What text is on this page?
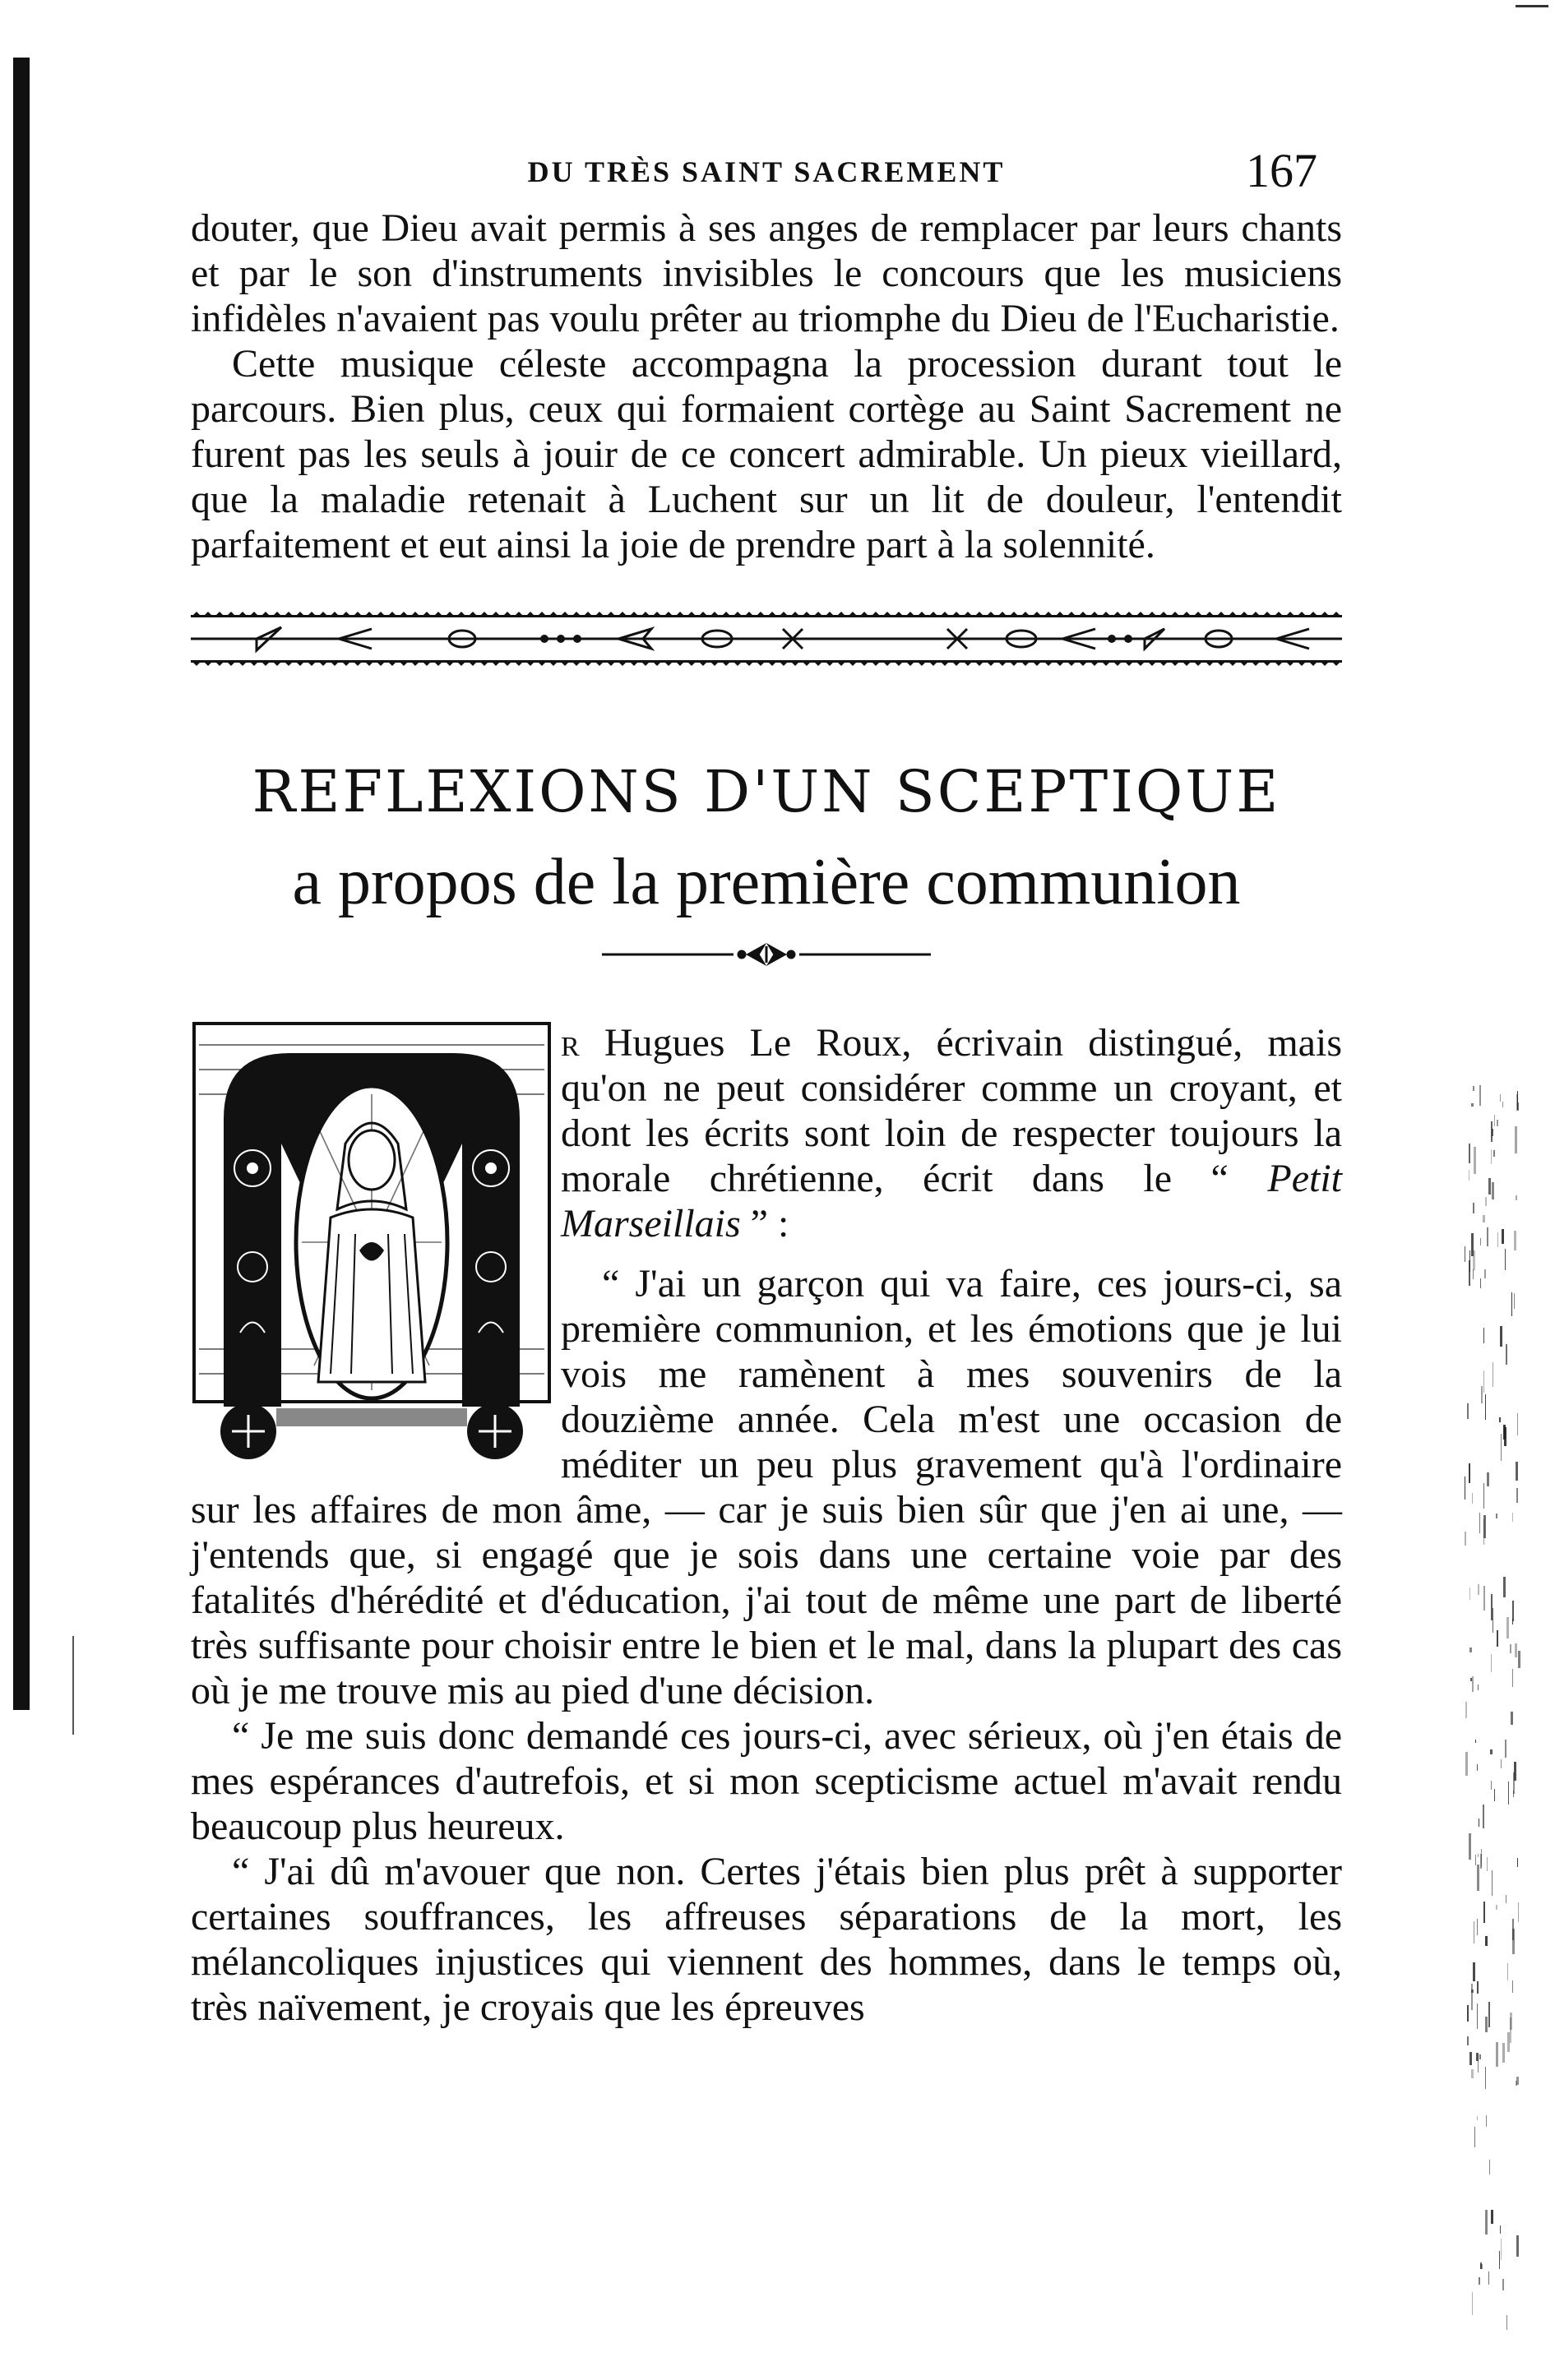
DU TRÈS SAINT SACREMENT	167

douter, que Dieu avait permis à ses anges de remplacer par leurs chants et par le son d'instruments invisibles le concours que les musiciens infidèles n'avaient pas voulu prêter au triomphe du Dieu de l'Eucharistie.

Cette musique céleste accompagna la procession durant tout le parcours. Bien plus, ceux qui formaient cortège au Saint Sacrement ne furent pas les seuls à jouir de ce concert admirable. Un pieux vieillard, que la maladie retenait à Luchent sur un lit de douleur, l'entendit parfaitement et eut ainsi la joie de prendre part à la solennité.

REFLEXIONS D'UN SCEPTIQUE
a propos de la première communion
M

r Hugues Le Roux, écrivain distingué, mais qu'on ne peut considérer comme un croyant, et dont les écrits sont loin de respecter toujours la morale chrétienne, écrit dans le “ Petit Marseillais ” :

“ J'ai un garçon qui va faire, ces jours-ci, sa première communion, et les émotions que je lui vois me ramènent à mes souvenirs de la douzième année. Cela m'est une occasion de méditer un peu plus gravement qu'à l'ordinaire sur les affaires de mon âme, — car je suis bien sûr que j'en ai une, — j'entends que, si engagé que je sois dans une certaine voie par des fatalités d'hérédité et d'éducation, j'ai tout de même une part de liberté très suffisante pour choisir entre le bien et le mal, dans la plupart des cas où je me trouve mis au pied d'une décision.

“ Je me suis donc demandé ces jours-ci, avec sérieux, où j'en étais de mes espérances d'autrefois, et si mon scepticisme actuel m'avait rendu beaucoup plus heureux.

“ J'ai dû m'avouer que non. Certes j'étais bien plus prêt à supporter certaines souffrances, les affreuses séparations de la mort, les mélancoliques injustices qui viennent des hommes, dans le temps où, très naïvement, je croyais que les épreuves
